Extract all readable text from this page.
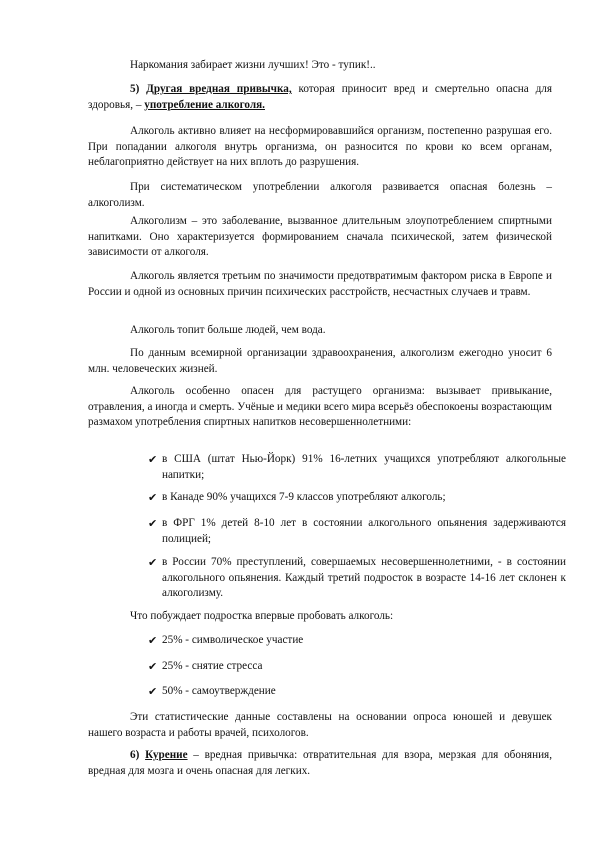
Наркомания забирает жизни лучших! Это - тупик!..

5) Другая вредная привычка, которая приносит вред и смертельно опасна для здоровья, – употребление алкоголя.

Алкоголь активно влияет на несформировавшийся организм, постепенно разрушая его. При попадании алкоголя внутрь организма, он разносится по крови ко всем органам, неблагоприятно действует на них вплоть до разрушения.

При систематическом употреблении алкоголя развивается опасная болезнь – алкоголизм.

Алкоголизм – это заболевание, вызванное длительным злоупотреблением спиртными напитками. Оно характеризуется формированием сначала психической, затем физической зависимости от алкоголя.

Алкоголь является третьим по значимости предотвратимым фактором риска в Европе и России и одной из основных причин психических расстройств, несчастных случаев и травм.

Алкоголь топит больше людей, чем вода.

По данным всемирной организации здравоохранения, алкоголизм ежегодно уносит 6 млн. человеческих жизней.

Алкоголь особенно опасен для растущего организма: вызывает привыкание, отравления, а иногда и смерть. Учёные и медики всего мира всерьёз обеспокоены возрастающим размахом употребления спиртных напитков несовершеннолетними:

✔ в США (штат Нью-Йорк) 91% 16-летних учащихся употребляют алкогольные напитки;
✔ в Канаде 90% учащихся 7-9 классов употребляют алкоголь;
✔ в ФРГ 1% детей 8-10 лет в состоянии алкогольного опьянения задерживаются полицией;
✔ в России 70% преступлений, совершаемых несовершеннолетними, - в состоянии алкогольного опьянения. Каждый третий подросток в возрасте 14-16 лет склонен к алкоголизму.

Что побуждает подростка впервые пробовать алкоголь:

✔ 25% - символическое участие
✔ 25% - снятие стресса
✔ 50% - самоутверждение

Эти статистические данные составлены на основании опроса юношей и девушек нашего возраста и работы врачей, психологов.

6) Курение – вредная привычка: отвратительная для взора, мерзкая для обоняния, вредная для мозга и очень опасная для легких.
